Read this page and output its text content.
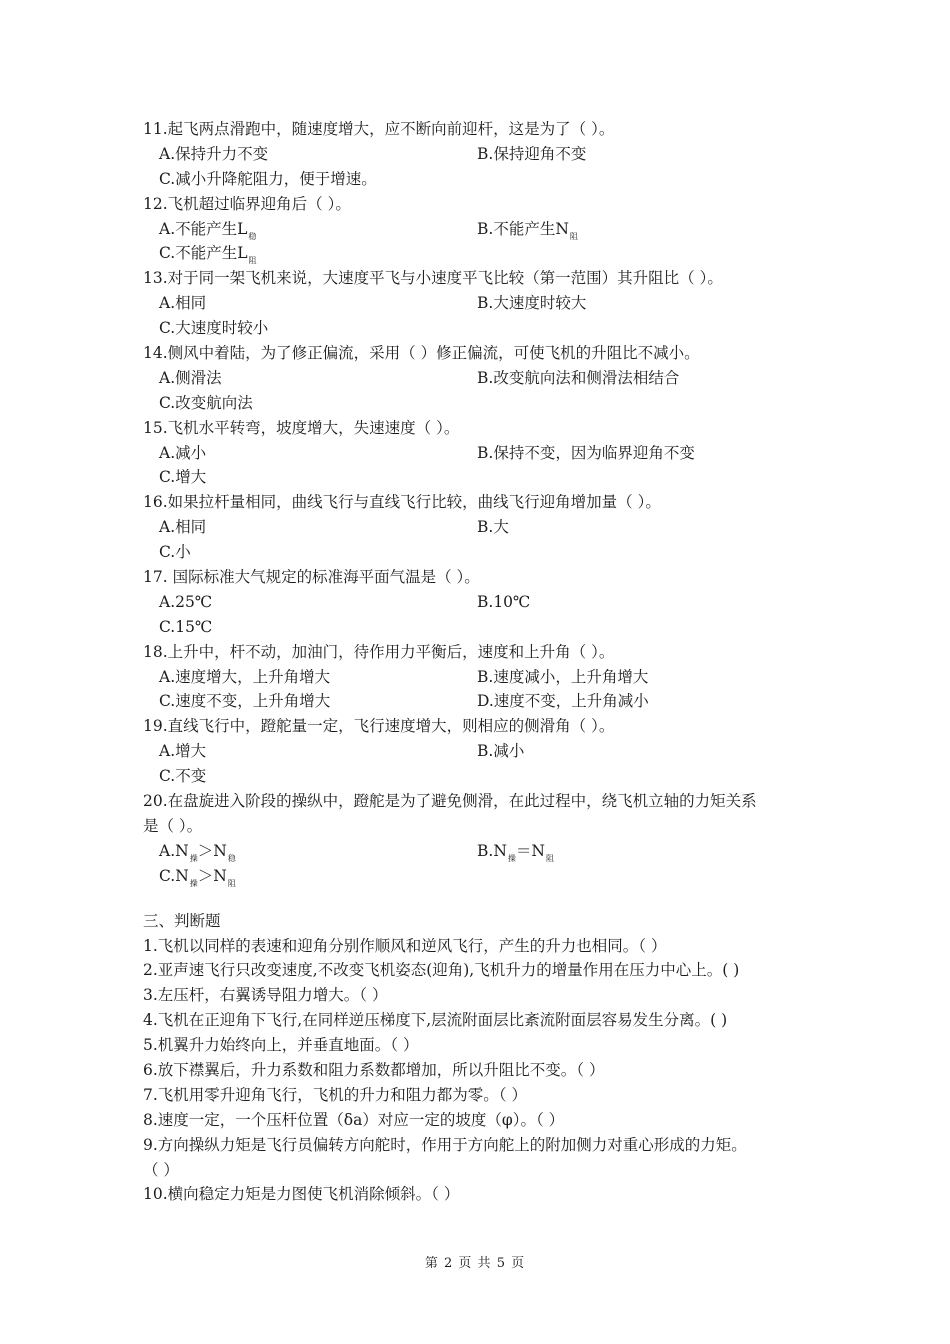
11.起飞两点滑跑中，随速度增大，应不断向前迎杆，这是为了（ ）。
A.保持升力不变	B.保持迎角不变
C.减小升降舵阻力，便于增速。
12.飞机超过临界迎角后（ ）。
A.不能产生$L_稳$	B.不能产生$N_阻$
C.不能产生$L_阻$
13.对于同一架飞机来说，大速度平飞与小速度平飞比较（第一范围）其升阻比（ ）。
A.相同	B.大速度时较大
C.大速度时较小
14.侧风中着陆，为了修正偏流，采用（ ）修正偏流，可使飞机的升阻比不减小。
A.侧滑法	B.改变航向法和侧滑法相结合
C.改变航向法
15.飞机水平转弯，坡度增大，失速速度（ ）。
A.减小	B.保持不变，因为临界迎角不变
C.增大
16.如果拉杆量相同，曲线飞行与直线飞行比较，曲线飞行迎角增加量（ ）。
A.相同	B.大
C.小
17. 国际标准大气规定的标准海平面气温是（ ）。
A.25℃	B.10℃
C.15℃
18.上升中，杆不动，加油门，待作用力平衡后，速度和上升角（ ）。
A.速度增大，上升角增大	B.速度减小，上升角增大
C.速度不变，上升角增大	D.速度不变，上升角减小
19.直线飞行中，蹬舵量一定，飞行速度增大，则相应的侧滑角（ ）。
A.增大	B.减小
C.不变
20.在盘旋进入阶段的操纵中，蹬舵是为了避免侧滑，在此过程中，绕飞机立轴的力矩关系
是（ ）。
$A.N_操>N_稳$	$B.N_操=N_阻$
$C.N_操>N_阻$
三、判断题
1.飞机以同样的表速和迎角分别作顺风和逆风飞行，产生的升力也相同。（ ）
2.亚声速飞行只改变速度,不改变飞机姿态(迎角),飞机升力的增量作用在压力中心上。( )
3.左压杆，右翼诱导阻力增大。（ ）
4.飞机在正迎角下飞行,在同样逆压梯度下,层流附面层比紊流附面层容易发生分离。( )
5.机翼升力始终向上，并垂直地面。（ ）
6.放下襟翼后，升力系数和阻力系数都增加，所以升阻比不变。（ ）
7.飞机用零升迎角飞行，飞机的升力和阻力都为零。（ ）
8.速度一定，一个压杆位置（δa）对应一定的坡度（φ）。（ ）
9.方向操纵力矩是飞行员偏转方向舵时，作用于方向舵上的附加侧力对重心形成的力矩。
（ ）
10.横向稳定力矩是力图使飞机消除倾斜。（ ）
第 2 页 共 5 页
